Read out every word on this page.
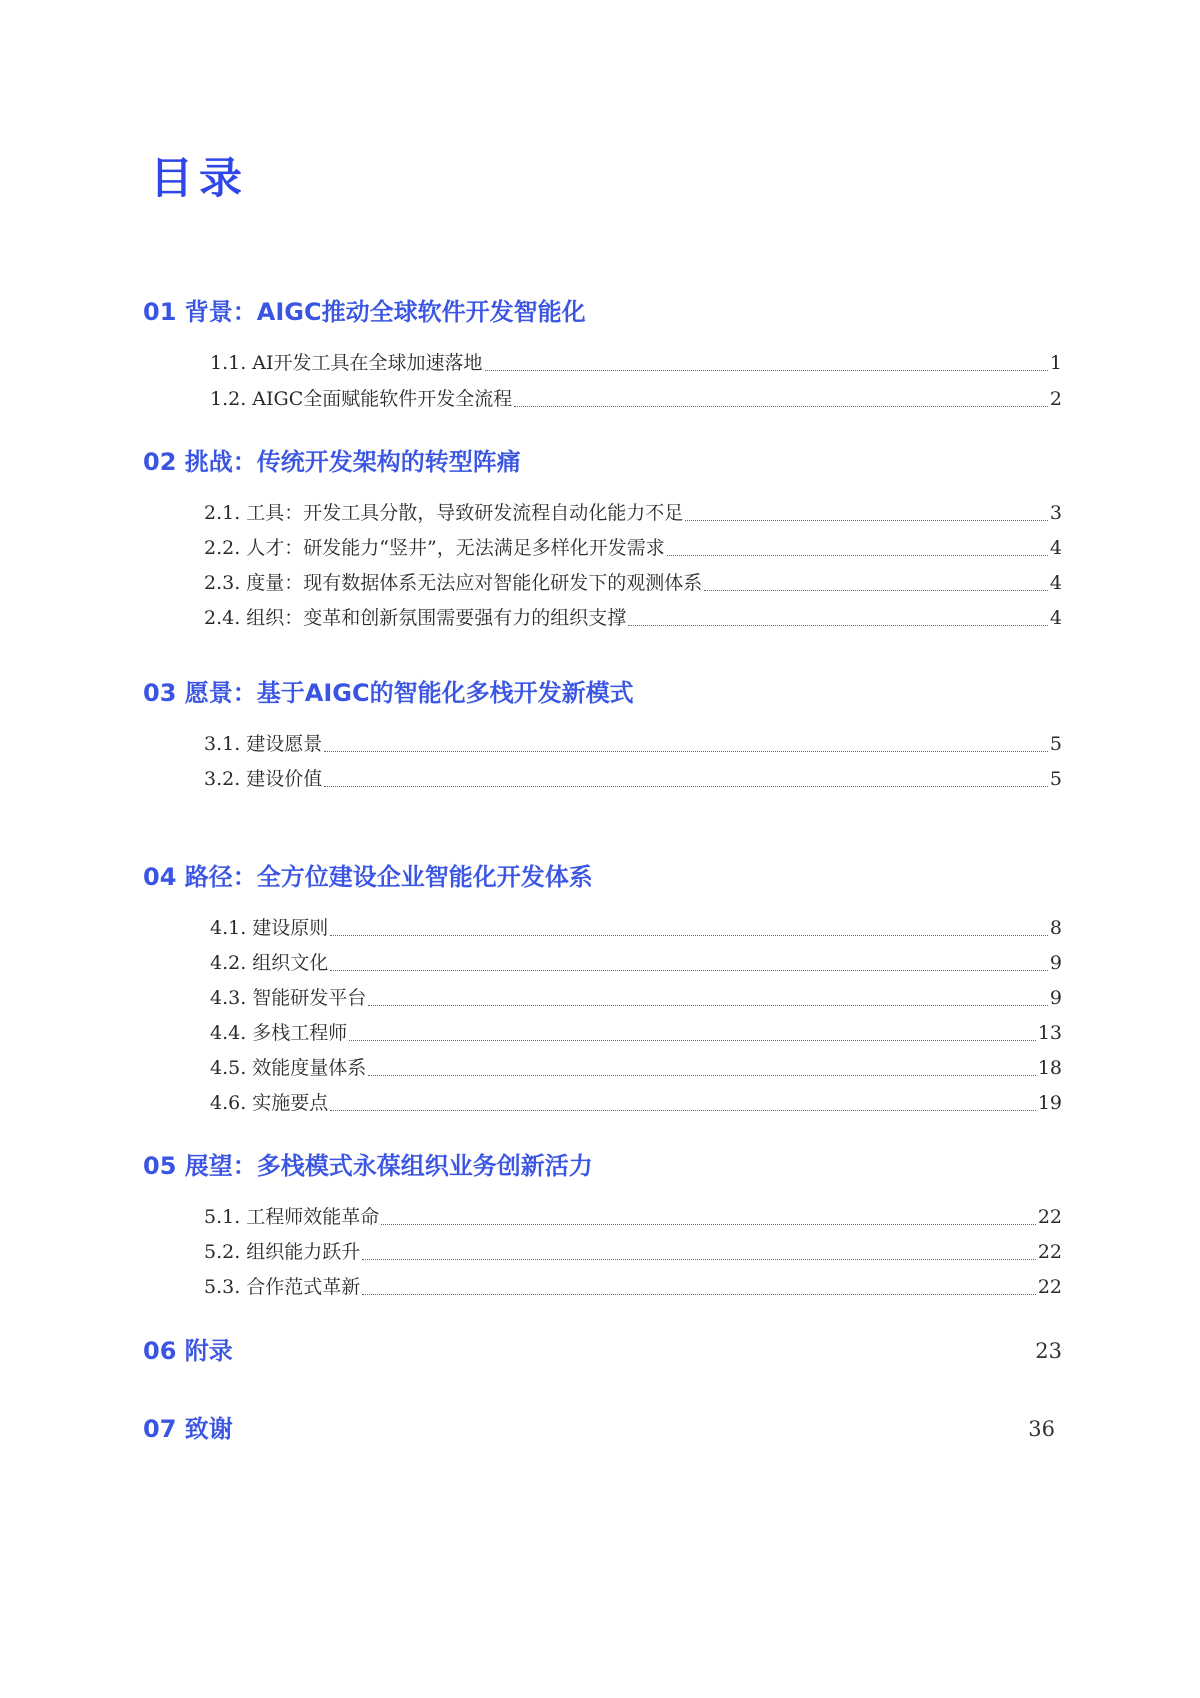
目录
01 背景：AIGC推动全球软件开发智能化
1.1. AI开发工具在全球加速落地	1
1.2. AIGC全面赋能软件开发全流程	2
02 挑战：传统开发架构的转型阵痛
2.1. 工具：开发工具分散，导致研发流程自动化能力不足	3
2.2. 人才：研发能力“竖井”，无法满足多样化开发需求	4
2.3. 度量：现有数据体系无法应对智能化研发下的观测体系	4
2.4. 组织：变革和创新氛围需要强有力的组织支撑	4
03 愿景：基于AIGC的智能化多栈开发新模式
3.1. 建设愿景	5
3.2. 建设价值	5
04 路径：全方位建设企业智能化开发体系
4.1. 建设原则	8
4.2. 组织文化	9
4.3. 智能研发平台	9
4.4. 多栈工程师	13
4.5. 效能度量体系	18
4.6. 实施要点	19
05 展望：多栈模式永葆组织业务创新活力
5.1. 工程师效能革命	22
5.2. 组织能力跃升	22
5.3. 合作范式革新	22
06 附录	23
07 致谢	36
